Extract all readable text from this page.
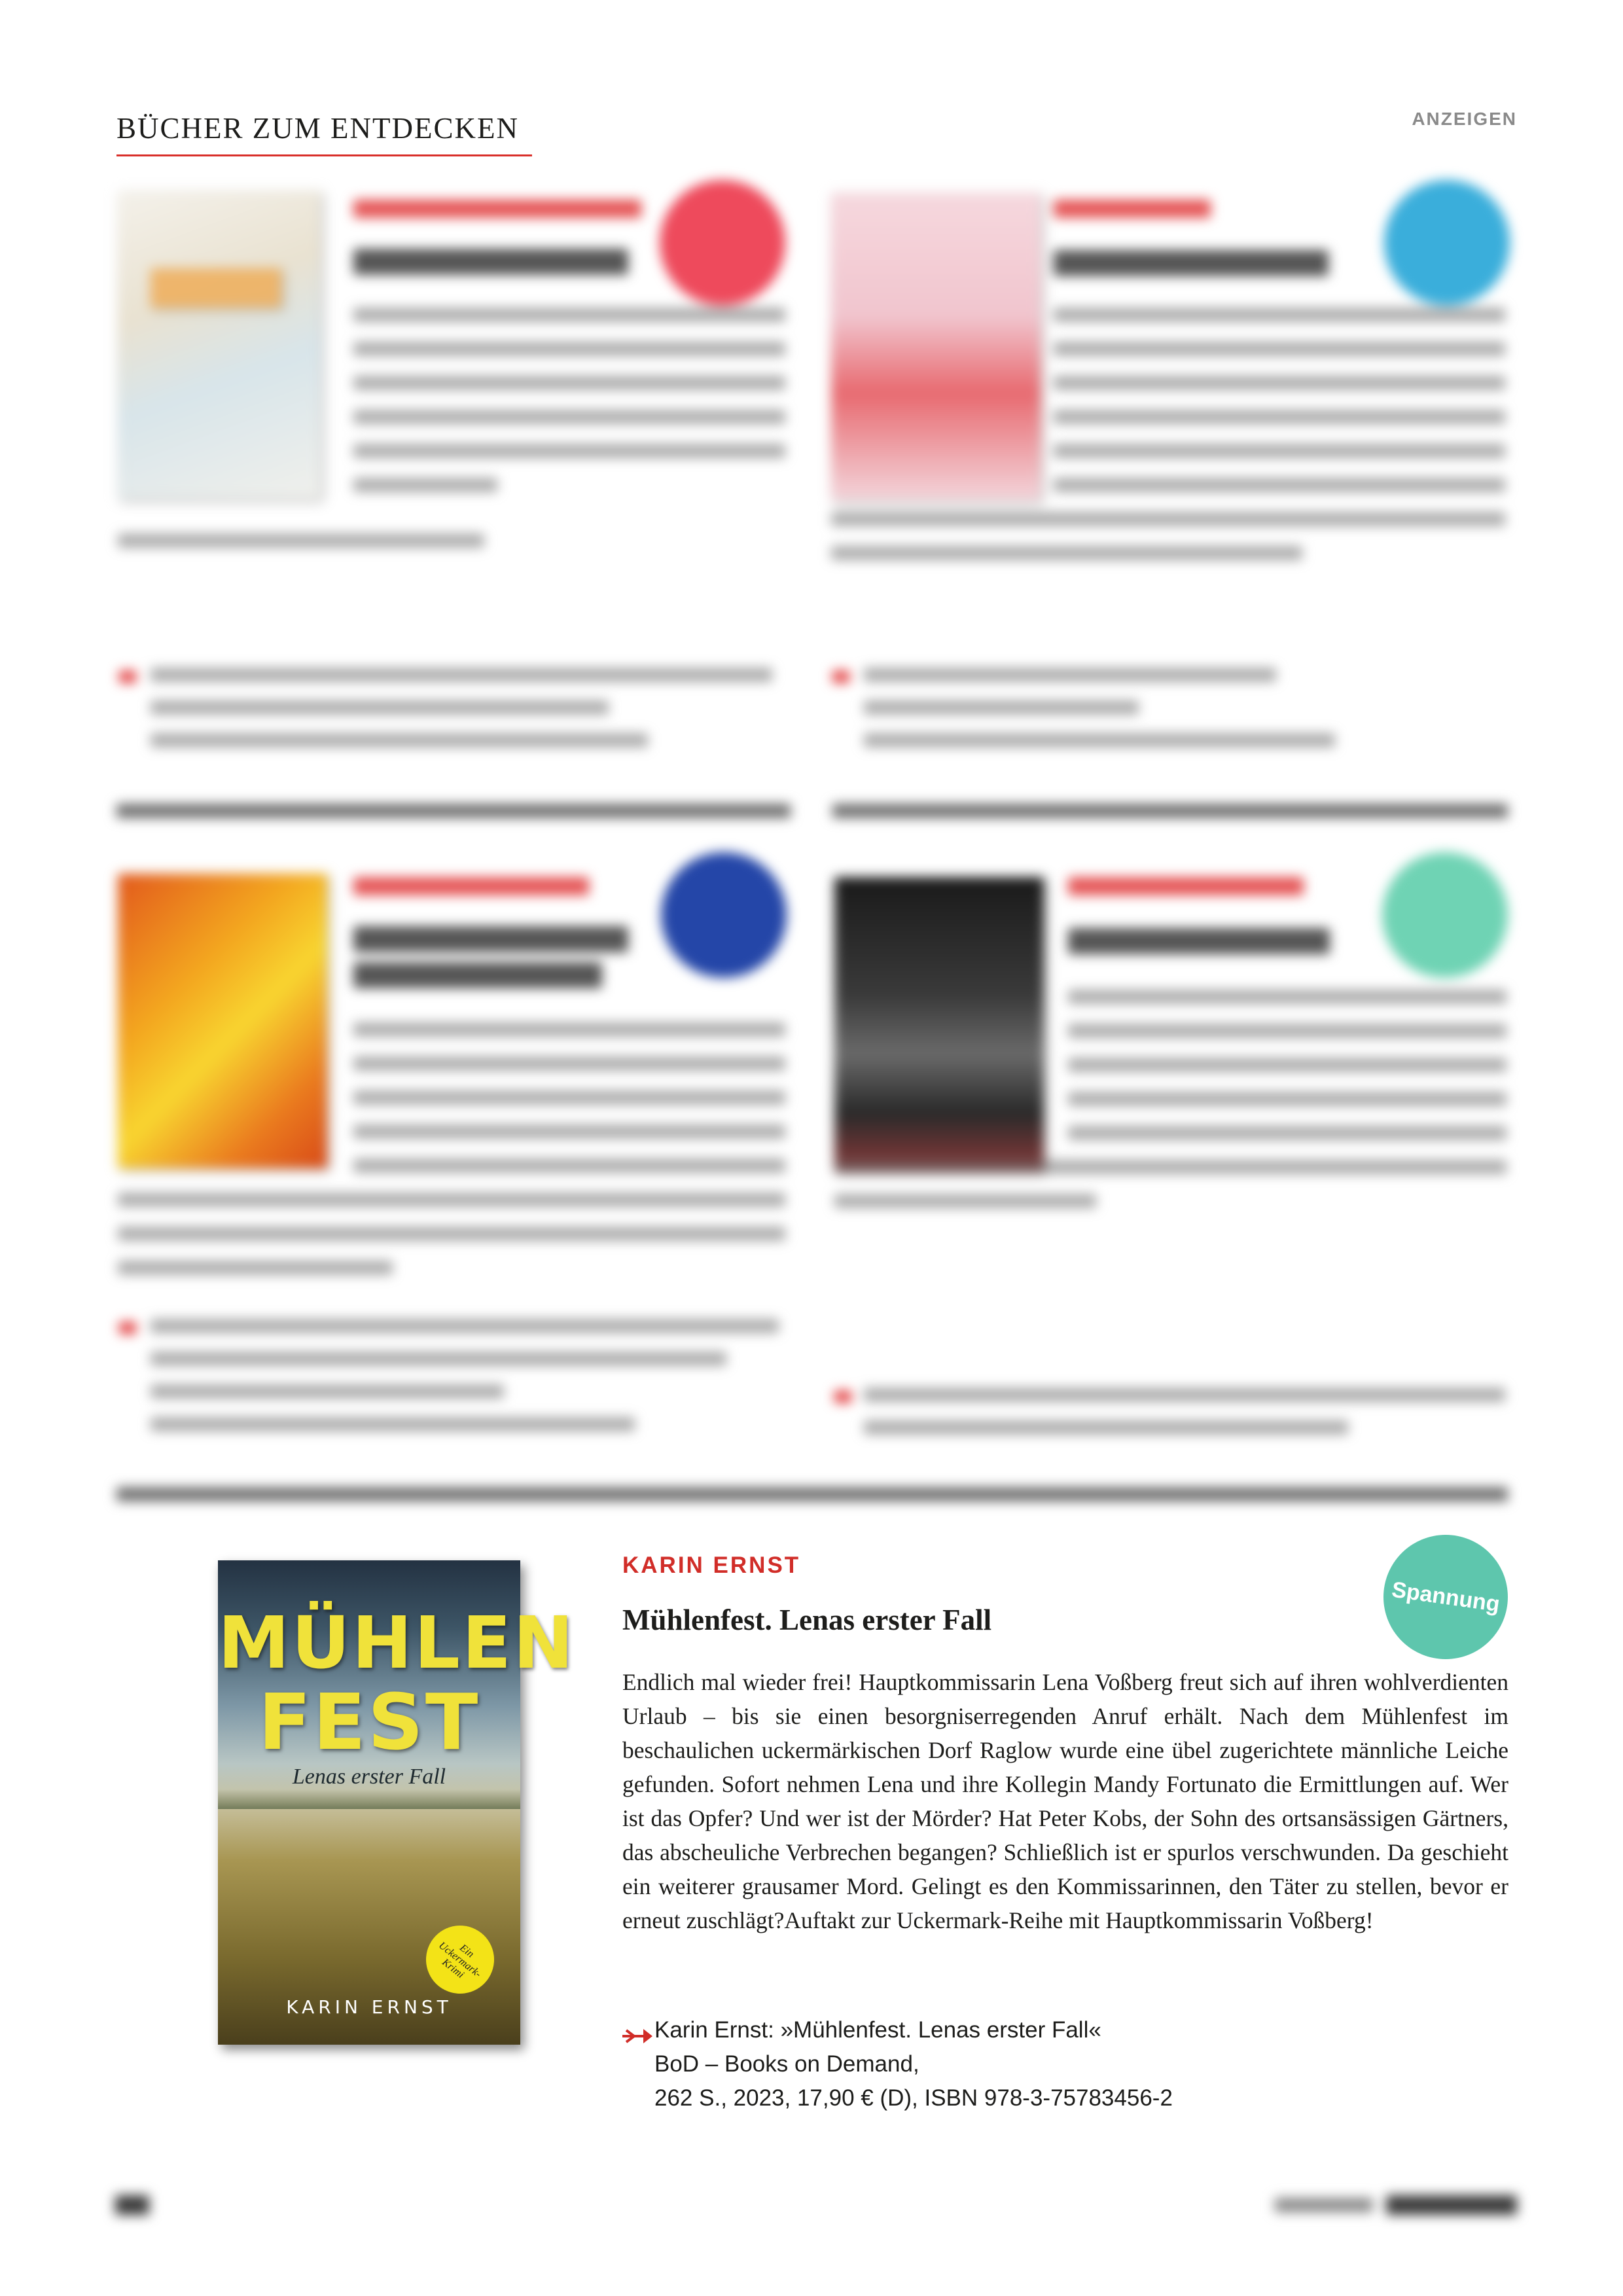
BÜCHER ZUM ENTDECKEN	ANZEIGEN
MÜHLEN
FEST
Lenas erster Fall
Ein
Uckermark-
Krimi
KARIN ERNST
KARIN ERNST
Mühlenfest. Lenas erster Fall
Spannung

Endlich mal wieder frei! Hauptkommissarin Lena Voßberg freut sich auf ihren wohlverdienten Urlaub – bis sie einen besorgniserregenden Anruf erhält. Nach dem Mühlenfest im beschaulichen uckermärkischen Dorf Raglow wurde eine übel zugerichtete männliche Leiche gefunden. Sofort nehmen Lena und ihre Kollegin Mandy Fortunato die Ermittlungen auf. Wer ist das Opfer? Und wer ist der Mörder? Hat Peter Kobs, der Sohn des ortsansässigen Gärtners, das abscheuliche Verbrechen begangen? Schließlich ist er spurlos verschwunden. Da geschieht ein weiterer grausamer Mord. Gelingt es den Kommissarinnen, den Täter zu stellen, bevor er erneut zuschlägt?Auftakt zur Uckermark-Reihe mit Hauptkommissarin Voßberg!

Karin Ernst: »Mühlenfest. Lenas erster Fall«
BoD – Books on Demand,
262 S., 2023, 17,90 € (D), ISBN 978-3-75783456-2
